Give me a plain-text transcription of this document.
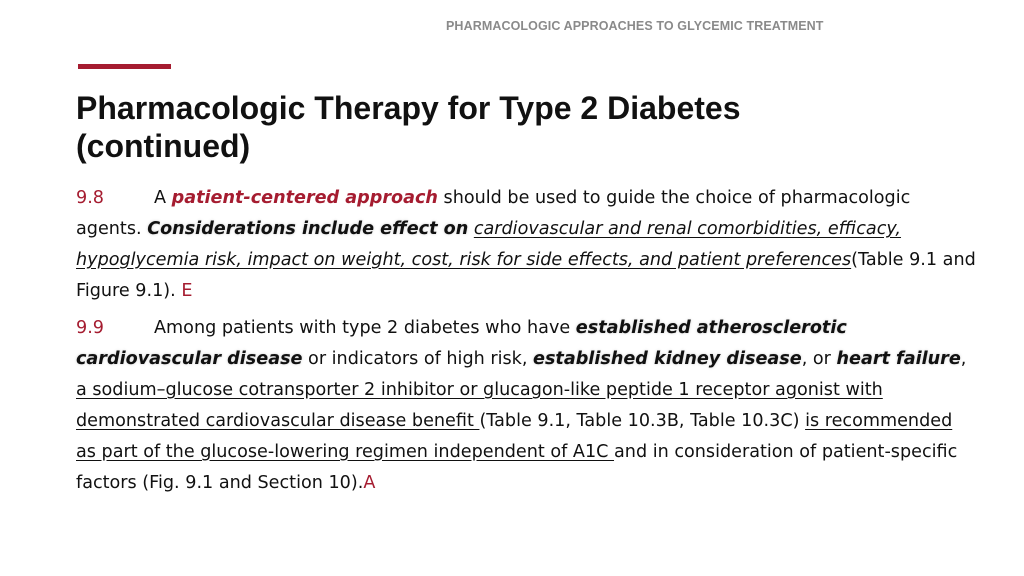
PHARMACOLOGIC APPROACHES TO GLYCEMIC TREATMENT
Pharmacologic Therapy for Type 2 Diabetes
(continued)

9.8	A patient-centered approach should be used to guide the choice of pharmacologic agents. Considerations include effect on cardiovascular and renal comorbidities, efficacy, hypoglycemia risk, impact on weight, cost, risk for side effects, and patient preferences(Table 9.1 and Figure 9.1). E

9.9	Among patients with type 2 diabetes who have established atherosclerotic cardiovascular disease or indicators of high risk, established kidney disease, or heart failure, a sodium–glucose cotransporter 2 inhibitor or glucagon-like peptide 1 receptor agonist with demonstrated cardiovascular disease benefit (Table 9.1, Table 10.3B, Table 10.3C) is recommended as part of the glucose-lowering regimen independent of A1C and in consideration of patient-specific factors (Fig. 9.1 and Section 10).A
